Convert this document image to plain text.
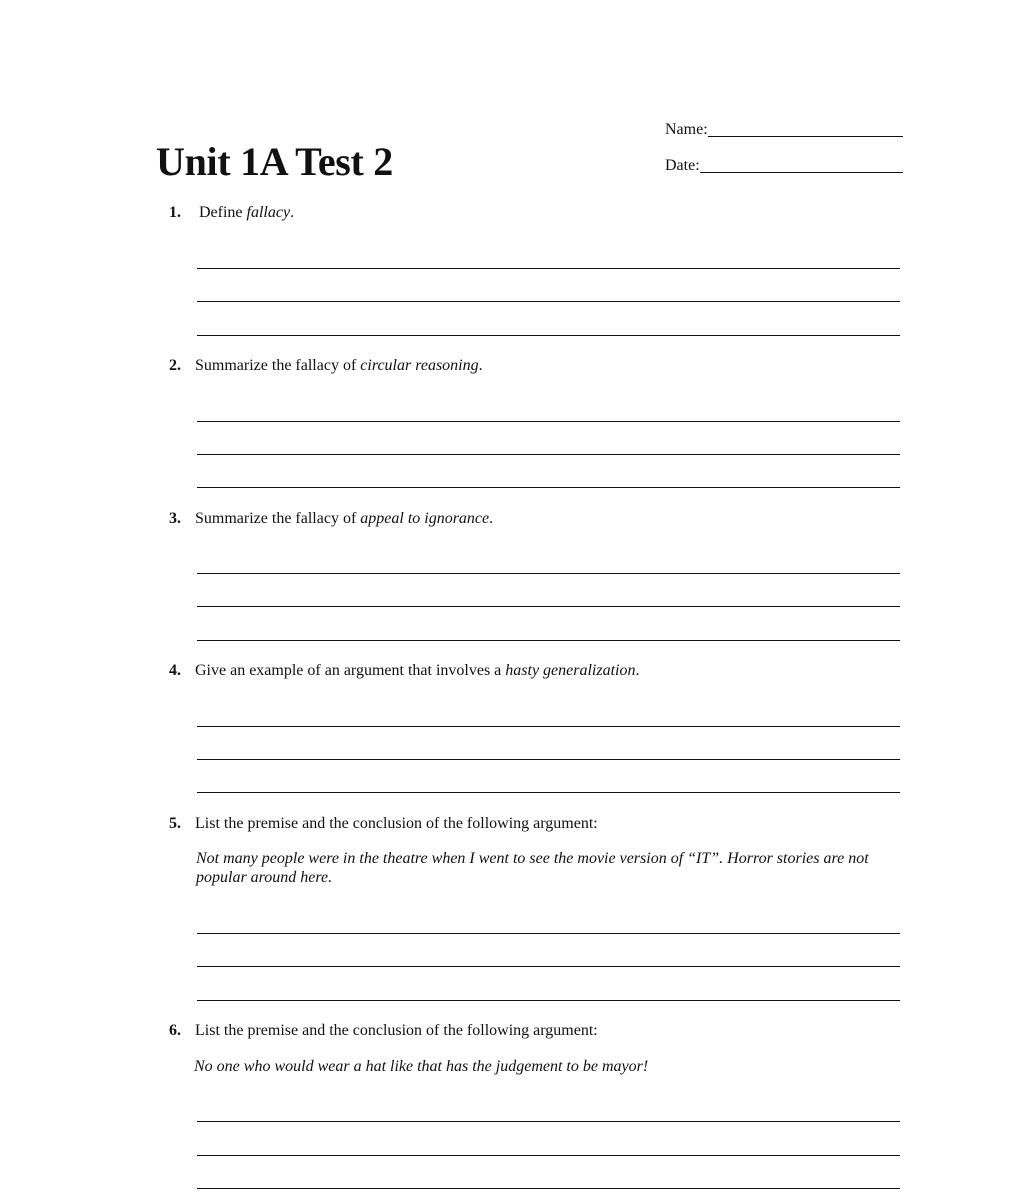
Unit 1A Test 2
Name:
Date:
1. Define fallacy.
2. Summarize the fallacy of circular reasoning.
3. Summarize the fallacy of appeal to ignorance.
4. Give an example of an argument that involves a hasty generalization.
5. List the premise and the conclusion of the following argument:
Not many people were in the theatre when I went to see the movie version of “IT”. Horror stories are not popular around here.
6. List the premise and the conclusion of the following argument:
No one who would wear a hat like that has the judgement to be mayor!
